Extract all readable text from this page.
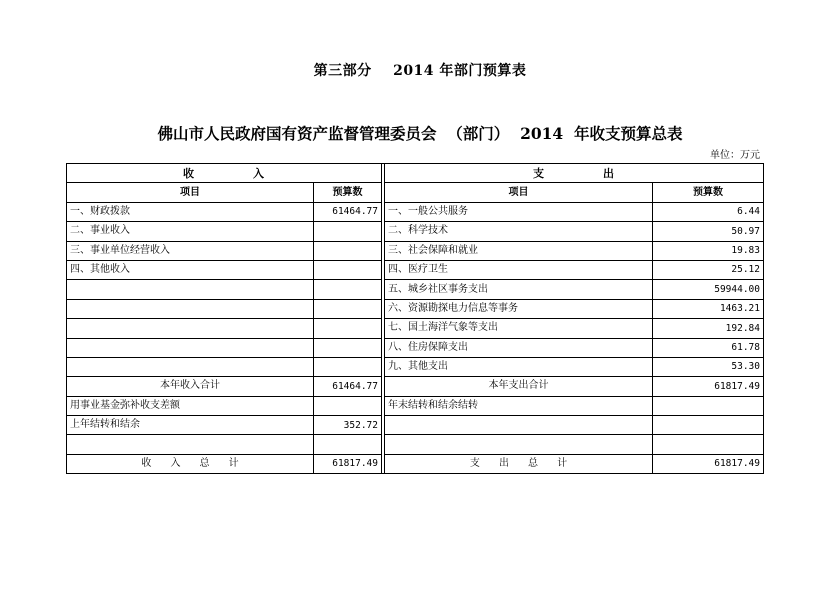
第三部分    2014 年部门预算表
佛山市人民政府国有资产监督管理委员会  （部门）  2014  年收支预算总表
单位：万元
收            入			支            出	
项目	预算数		项目	预算数
一、财政拨款	61464.77		一、一般公共服务	6.44
二、事业收入			二、科学技术	50.97
三、事业单位经营收入			三、社会保障和就业	19.83
四、其他收入			四、医疗卫生	25.12
			五、城乡社区事务支出	59944.00
			六、资源勘探电力信息等事务	1463.21
			七、国土海洋气象等支出	192.84
			八、住房保障支出	61.78
			九、其他支出	53.30
本年收入合计	61464.77		本年支出合计	61817.49
用事业基金弥补收支差额			年末结转和结余结转	
上年结转和结余	352.72			

收      入      总      计	61817.49		支      出      总      计	61817.49
